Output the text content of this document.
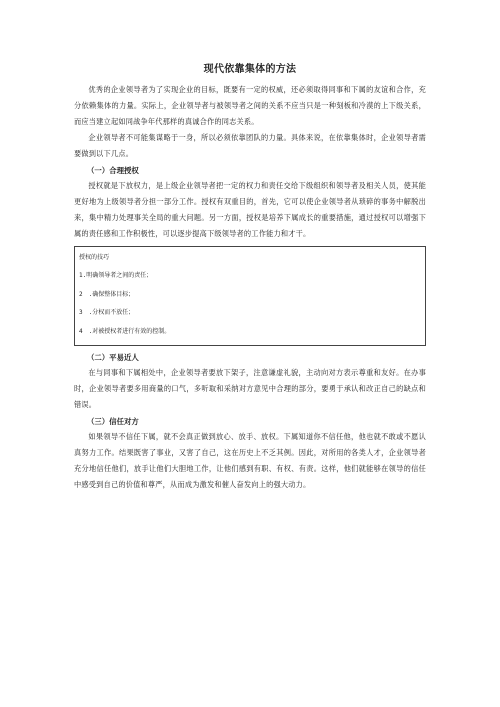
现代依靠集体的方法

优秀的企业领导者为了实现企业的目标，既要有一定的权威，还必须取得同事和下属的友谊和合作，充分依赖集体的力量。实际上，企业领导者与被领导者之间的关系不应当只是一种刻板和冷漠的上下级关系，而应当建立起如同战争年代那样的真诚合作的同志关系。

企业领导者不可能集谋略于一身，所以必须依靠团队的力量。具体来说，在依靠集体时，企业领导者需要做到以下几点。

（一）合理授权

授权就是下放权力，是上级企业领导者把一定的权力和责任交给下级组织和领导者及相关人员，使其能更好地为上级领导者分担一部分工作。授权有双重目的，首先，它可以使企业领导者从琐碎的事务中解脱出来，集中精力处理事关全局的重大问题。另一方面，授权是培养下属成长的重要措施，通过授权可以增强下属的责任感和工作积极性，可以逐步提高下级领导者的工作能力和才干。

授权的技巧
1.明确领导者之间的责任；
2　.确保整体目标；
3　.分权而不放任；
4　.对被授权者进行有效的控制。
（二）平易近人

在与同事和下属相处中，企业领导者要放下架子，注意谦虚礼貌，主动向对方表示尊重和友好。在办事时，企业领导者要多用商量的口气，多听取和采纳对方意见中合理的部分，要勇于承认和改正自己的缺点和错误。

（三）信任对方

如果领导不信任下属，就不会真正做到放心、放手、放权。下属知道你不信任他，他也就不敢或不愿认真努力工作。结果既害了事业，又害了自己，这在历史上不乏其例。因此，对所用的各类人才，企业领导者充分地信任他们，放手让他们大胆地工作，让他们感到有职、有权、有责。这样，他们就能够在领导的信任中感受到自己的价值和尊严，从而成为激发和催人奋发向上的强大动力。
